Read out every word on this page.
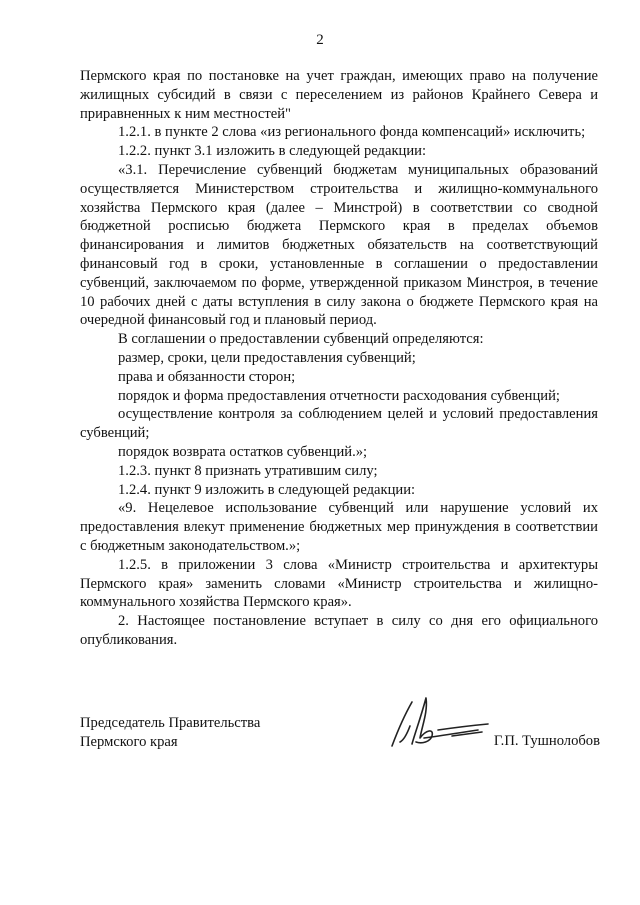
2

Пермского края по постановке на учет граждан, имеющих право на получение жилищных субсидий в связи с переселением из районов Крайнего Севера и приравненных к ним местностей"

1.2.1. в пункте 2 слова «из регионального фонда компенсаций» исключить;

1.2.2. пункт 3.1 изложить в следующей редакции:

«3.1. Перечисление субвенций бюджетам муниципальных образований осуществляется Министерством строительства и жилищно-коммунального хозяйства Пермского края (далее – Минстрой) в соответствии со сводной бюджетной росписью бюджета Пермского края в пределах объемов финансирования и лимитов бюджетных обязательств на соответствующий финансовый год в сроки, установленные в соглашении о предоставлении субвенций, заключаемом по форме, утвержденной приказом Минстроя, в течение 10 рабочих дней с даты вступления в силу закона о бюджете Пермского края на очередной финансовый год и плановый период.

В соглашении о предоставлении субвенций определяются:

размер, сроки, цели предоставления субвенций;

права и обязанности сторон;

порядок и форма предоставления отчетности расходования субвенций;

осуществление контроля за соблюдением целей и условий предоставления субвенций;

порядок возврата остатков субвенций.»;

1.2.3. пункт 8 признать утратившим силу;

1.2.4. пункт 9 изложить в следующей редакции:

«9. Нецелевое использование субвенций или нарушение условий их предоставления влекут применение бюджетных мер принуждения в соответствии с бюджетным законодательством.»;

1.2.5. в приложении 3 слова «Министр строительства и архитектуры Пермского края» заменить словами «Министр строительства и жилищно-коммунального хозяйства Пермского края».

2. Настоящее постановление вступает в силу со дня его официального опубликования.

Председатель Правительства
Пермского края	Г.П. Тушнолобов
